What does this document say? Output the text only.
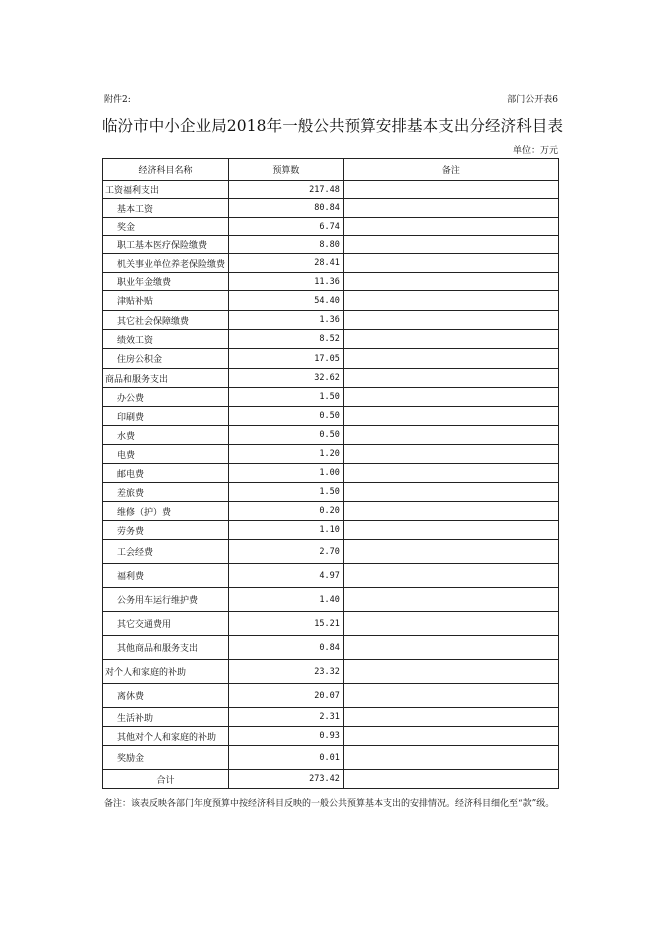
附件2:	部门公开表6
临汾市中小企业局2018年一般公共预算安排基本支出分经济科目表
单位：万元
经济科目名称	预算数	备注
工资福利支出	217.48	
基本工资	80.84	
奖金	6.74	
职工基本医疗保险缴费	8.80	
机关事业单位养老保险缴费	28.41	
职业年金缴费	11.36	
津贴补贴	54.40	
其它社会保障缴费	1.36	
绩效工资	8.52	
住房公积金	17.05	
商品和服务支出	32.62	
办公费	1.50	
印刷费	0.50	
水费	0.50	
电费	1.20	
邮电费	1.00	
差旅费	1.50	
维修（护）费	0.20	
劳务费	1.10	
工会经费	2.70	
福利费	4.97	
公务用车运行维护费	1.40	
其它交通费用	15.21	
其他商品和服务支出	0.84	
对个人和家庭的补助	23.32	
离休费	20.07	
生活补助	2.31	
其他对个人和家庭的补助	0.93	
奖励金	0.01	
合计	273.42	
备注：该表反映各部门年度预算中按经济科目反映的一般公共预算基本支出的安排情况。经济科目细化至“款”级。
